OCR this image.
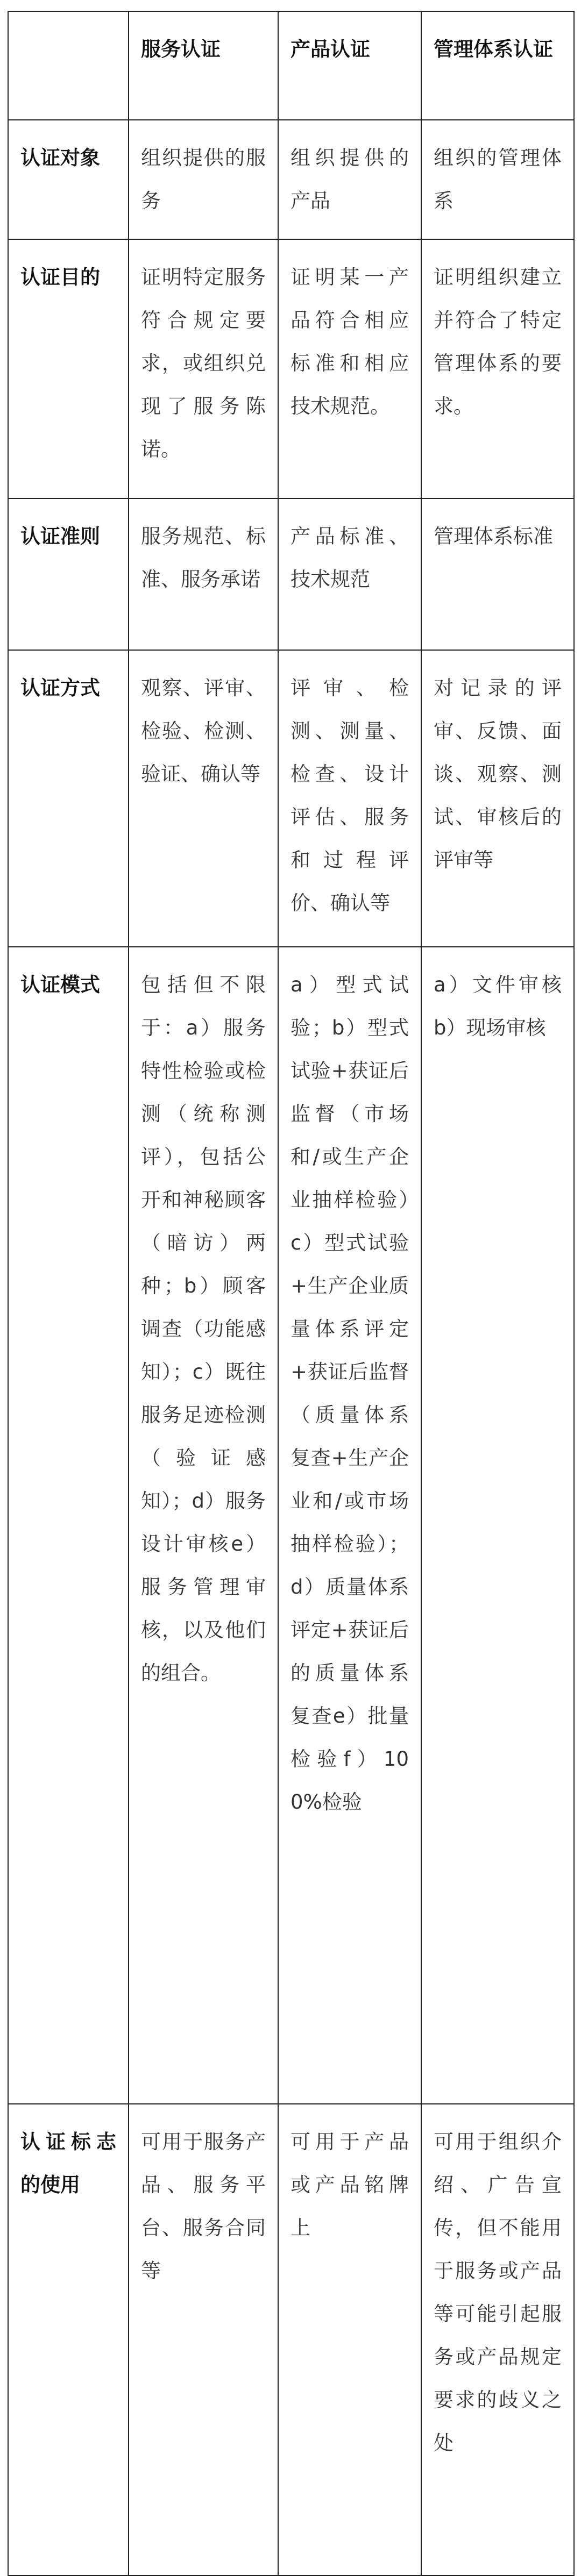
	服务认证	产品认证	管理体系认证
认证对象	组织提供的服务	组织提供的产品	组织的管理体系
认证目的	证明特定服务符合规定要求，或组织兑现了服务陈诺。	证明某一产品符合相应标准和相应技术规范。	证明组织建立并符合了特定管理体系的要求。
认证准则	服务规范、标准、服务承诺	产品标准、技术规范	管理体系标准
认证方式	观察、评审、检验、检测、验证、确认等	评审、检测、测量、检查、设计评估、服务和过程评价、确认等	对记录的评审、反馈、面谈、观察、测试、审核后的评审等
认证模式	包括但不限于：a）服务特性检验或检测（统称测评），包括公开和神秘顾客（暗访）两种；b）顾客调查（功能感知）；c）既往服务足迹检测（验证感知）；d）服务设计审核e）服务管理审核，以及他们的组合。	a）型式试验；b）型式试验+获证后监督（市场和/或生产企业抽样检验）c）型式试验+生产企业质量体系评定+获证后监督（质量体系复查+生产企业和/或市场抽样检验）；d）质量体系评定+获证后的质量体系复查e）批量检验f）100%检验	a）文件审核b）现场审核
认证标志的使用	可用于服务产品、服务平台、服务合同等	可用于产品或产品铭牌上	可用于组织介绍、广告宣传，但不能用于服务或产品等可能引起服务或产品规定要求的歧义之处
